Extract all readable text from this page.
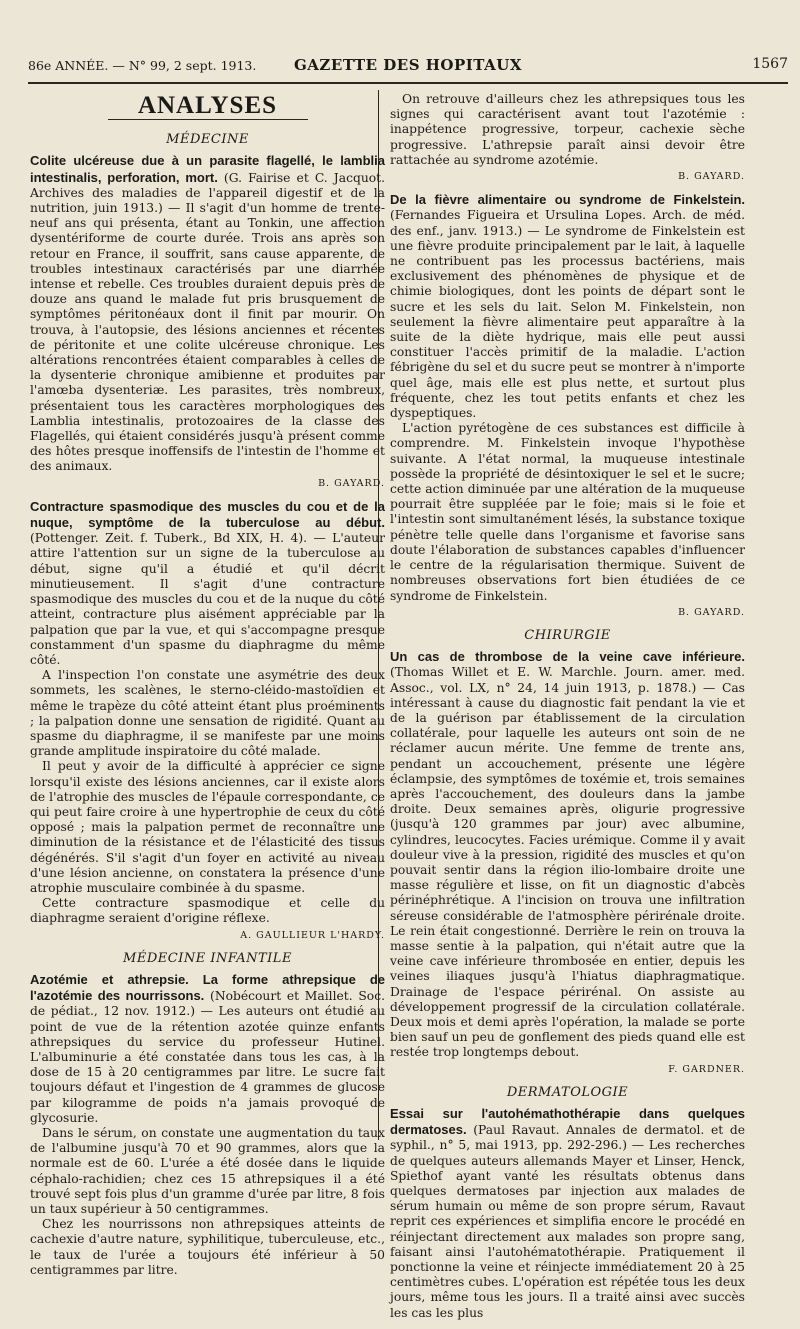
86e ANNÉE. — N° 99, 2 sept. 1913.	GAZETTE DES HOPITAUX	1567
ANALYSES
MÉDECINE

Colite ulcéreuse due à un parasite flagellé, le lamblia intestinalis, perforation, mort. (G. Fairise et C. Jacquot. Archives des maladies de l'appareil digestif et de la nutrition, juin 1913.) — Il s'agit d'un homme de trente-neuf ans qui présenta, étant au Tonkin, une affection dysentériforme de courte durée. Trois ans après son retour en France, il souffrit, sans cause apparente, de troubles intestinaux caractérisés par une diarrhée intense et rebelle. Ces troubles duraient depuis près de douze ans quand le malade fut pris brusquement de symptômes péritonéaux dont il finit par mourir. On trouva, à l'autopsie, des lésions anciennes et récentes de péritonite et une colite ulcéreuse chronique. Les altérations rencontrées étaient comparables à celles de la dysenterie chronique amibienne et produites par l'amœba dysenteriæ. Les parasites, très nombreux, présentaient tous les caractères morphologiques des Lamblia intestinalis, protozoaires de la classe des Flagellés, qui étaient considérés jusqu'à présent comme des hôtes presque inoffensifs de l'intestin de l'homme et des animaux.

B. GAYARD.

Contracture spasmodique des muscles du cou et de la nuque, symptôme de la tuberculose au début. (Pottenger. Zeit. f. Tuberk., Bd XIX, H. 4). — L'auteur attire l'attention sur un signe de la tuberculose au début, signe qu'il a étudié et qu'il décrit minutieusement. Il s'agit d'une contracture spasmodique des muscles du cou et de la nuque du côté atteint, contracture plus aisément appréciable par la palpation que par la vue, et qui s'accompagne presque constamment d'un spasme du diaphragme du même côté.

A l'inspection l'on constate une asymétrie des deux sommets, les scalènes, le sterno-cléido-mastoïdien et même le trapèze du côté atteint étant plus proéminents ; la palpation donne une sensation de rigidité. Quant au spasme du diaphragme, il se manifeste par une moins grande amplitude inspiratoire du côté malade.

Il peut y avoir de la difficulté à apprécier ce signe lorsqu'il existe des lésions anciennes, car il existe alors de l'atrophie des muscles de l'épaule correspondante, ce qui peut faire croire à une hypertrophie de ceux du côté opposé ; mais la palpation permet de reconnaître une diminution de la résistance et de l'élasticité des tissus dégénérés. S'il s'agit d'un foyer en activité au niveau d'une lésion ancienne, on constatera la présence d'une atrophie musculaire combinée à du spasme.

Cette contracture spasmodique et celle du diaphragme seraient d'origine réflexe.

A. GAULLIEUR L'HARDY.
MÉDECINE INFANTILE

Azotémie et athrepsie. La forme athrepsique de l'azotémie des nourrissons. (Nobécourt et Maillet. Soc. de pédiat., 12 nov. 1912.) — Les auteurs ont étudié au point de vue de la rétention azotée quinze enfants athrepsiques du service du professeur Hutinel. L'albuminurie a été constatée dans tous les cas, à la dose de 15 à 20 centigrammes par litre. Le sucre fait toujours défaut et l'ingestion de 4 grammes de glucose par kilogramme de poids n'a jamais provoqué de glycosurie.

Dans le sérum, on constate une augmentation du taux de l'albumine jusqu'à 70 et 90 grammes, alors que la normale est de 60. L'urée a été dosée dans le liquide céphalo-rachidien; chez ces 15 athrepsiques il a été trouvé sept fois plus d'un gramme d'urée par litre, 8 fois un taux supérieur à 50 centigrammes.

Chez les nourrissons non athrepsiques atteints de cachexie d'autre nature, syphilitique, tuberculeuse, etc., le taux de l'urée a toujours été inférieur à 50 centigrammes par litre.

On retrouve d'ailleurs chez les athrepsiques tous les signes qui caractérisent avant tout l'azotémie : inappétence progressive, torpeur, cachexie sèche progressive. L'athrepsie paraît ainsi devoir être rattachée au syndrome azotémie.

B. GAYARD.

De la fièvre alimentaire ou syndrome de Finkelstein. (Fernandes Figueira et Ursulina Lopes. Arch. de méd. des enf., janv. 1913.) — Le syndrome de Finkelstein est une fièvre produite principalement par le lait, à laquelle ne contribuent pas les processus bactériens, mais exclusivement des phénomènes de physique et de chimie biologiques, dont les points de départ sont le sucre et les sels du lait. Selon M. Finkelstein, non seulement la fièvre alimentaire peut apparaître à la suite de la diète hydrique, mais elle peut aussi constituer l'accès primitif de la maladie. L'action fébrigène du sel et du sucre peut se montrer à n'importe quel âge, mais elle est plus nette, et surtout plus fréquente, chez les tout petits enfants et chez les dyspeptiques.

L'action pyrétogène de ces substances est difficile à comprendre. M. Finkelstein invoque l'hypothèse suivante. A l'état normal, la muqueuse intestinale possède la propriété de désintoxiquer le sel et le sucre; cette action diminuée par une altération de la muqueuse pourrait être suppléée par le foie; mais si le foie et l'intestin sont simultanément lésés, la substance toxique pénètre telle quelle dans l'organisme et favorise sans doute l'élaboration de substances capables d'influencer le centre de la régularisation thermique. Suivent de nombreuses observations fort bien étudiées de ce syndrome de Finkelstein.

B. GAYARD.
CHIRURGIE

Un cas de thrombose de la veine cave inférieure. (Thomas Willet et E. W. Marchle. Journ. amer. med. Assoc., vol. LX, n° 24, 14 juin 1913, p. 1878.) — Cas intéressant à cause du diagnostic fait pendant la vie et de la guérison par établissement de la circulation collatérale, pour laquelle les auteurs ont soin de ne réclamer aucun mérite. Une femme de trente ans, pendant un accouchement, présente une légère éclampsie, des symptômes de toxémie et, trois semaines après l'accouchement, des douleurs dans la jambe droite. Deux semaines après, oligurie progressive (jusqu'à 120 grammes par jour) avec albumine, cylindres, leucocytes. Facies urémique. Comme il y avait douleur vive à la pression, rigidité des muscles et qu'on pouvait sentir dans la région ilio-lombaire droite une masse régulière et lisse, on fit un diagnostic d'abcès périnéphrétique. A l'incision on trouva une infiltration séreuse considérable de l'atmosphère périrénale droite. Le rein était congestionné. Derrière le rein on trouva la masse sentie à la palpation, qui n'était autre que la veine cave inférieure thrombosée en entier, depuis les veines iliaques jusqu'à l'hiatus diaphragmatique. Drainage de l'espace périrénal. On assiste au développement progressif de la circulation collatérale. Deux mois et demi après l'opération, la malade se porte bien sauf un peu de gonflement des pieds quand elle est restée trop longtemps debout.

F. GARDNER.
DERMATOLOGIE

Essai sur l'autohémathothérapie dans quelques dermatoses. (Paul Ravaut. Annales de dermatol. et de syphil., n° 5, mai 1913, pp. 292-296.) — Les recherches de quelques auteurs allemands Mayer et Linser, Henck, Spiethof ayant vanté les résultats obtenus dans quelques dermatoses par injection aux malades de sérum humain ou même de son propre sérum, Ravaut reprit ces expériences et simplifia encore le procédé en réinjectant directement aux malades son propre sang, faisant ainsi l'autohématothérapie. Pratiquement il ponctionne la veine et réinjecte immédiatement 20 à 25 centimètres cubes. L'opération est répétée tous les deux jours, même tous les jours. Il a traité ainsi avec succès les cas les plus
